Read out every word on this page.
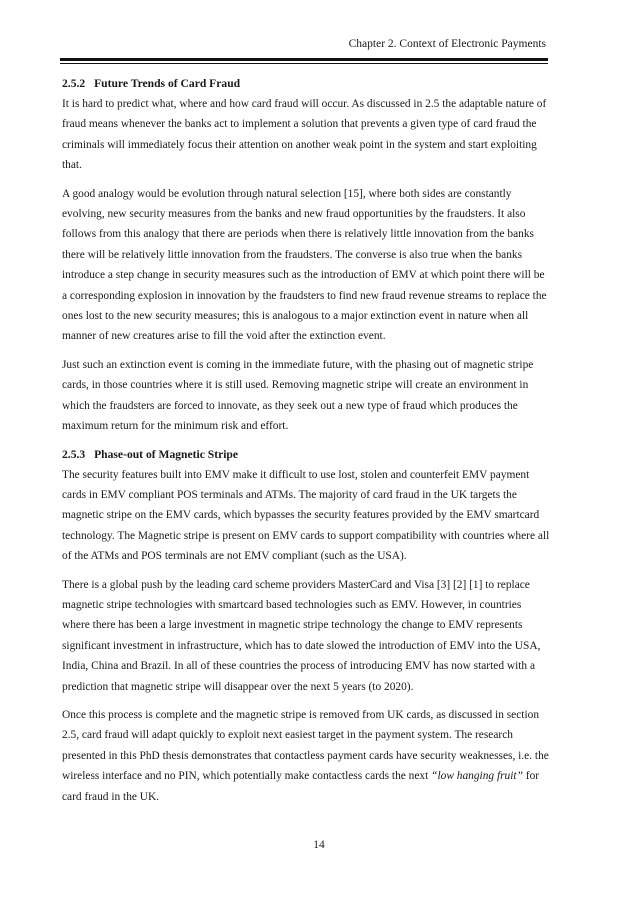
Chapter 2. Context of Electronic Payments
2.5.2 Future Trends of Card Fraud

It is hard to predict what, where and how card fraud will occur. As discussed in 2.5 the adaptable nature of fraud means whenever the banks act to implement a solution that prevents a given type of card fraud the criminals will immediately focus their attention on another weak point in the system and start exploiting that.

A good analogy would be evolution through natural selection [15], where both sides are constantly evolving, new security measures from the banks and new fraud opportunities by the fraudsters. It also follows from this analogy that there are periods when there is relatively little innovation from the banks there will be relatively little innovation from the fraudsters. The converse is also true when the banks introduce a step change in security measures such as the introduction of EMV at which point there will be a corresponding explosion in innovation by the fraudsters to find new fraud revenue streams to replace the ones lost to the new security measures; this is analogous to a major extinction event in nature when all manner of new creatures arise to fill the void after the extinction event.

Just such an extinction event is coming in the immediate future, with the phasing out of magnetic stripe cards, in those countries where it is still used. Removing magnetic stripe will create an environment in which the fraudsters are forced to innovate, as they seek out a new type of fraud which produces the maximum return for the minimum risk and effort.

2.5.3 Phase-out of Magnetic Stripe

The security features built into EMV make it difficult to use lost, stolen and counterfeit EMV payment cards in EMV compliant POS terminals and ATMs. The majority of card fraud in the UK targets the magnetic stripe on the EMV cards, which bypasses the security features provided by the EMV smartcard technology. The Magnetic stripe is present on EMV cards to support compatibility with countries where all of the ATMs and POS terminals are not EMV compliant (such as the USA).

There is a global push by the leading card scheme providers MasterCard and Visa [3] [2] [1] to replace magnetic stripe technologies with smartcard based technologies such as EMV. However, in countries where there has been a large investment in magnetic stripe technology the change to EMV represents significant investment in infrastructure, which has to date slowed the introduction of EMV into the USA, India, China and Brazil. In all of these countries the process of introducing EMV has now started with a prediction that magnetic stripe will disappear over the next 5 years (to 2020).

Once this process is complete and the magnetic stripe is removed from UK cards, as discussed in section 2.5, card fraud will adapt quickly to exploit next easiest target in the payment system. The research presented in this PhD thesis demonstrates that contactless payment cards have security weaknesses, i.e. the wireless interface and no PIN, which potentially make contactless cards the next “low hanging fruit” for card fraud in the UK.

14
